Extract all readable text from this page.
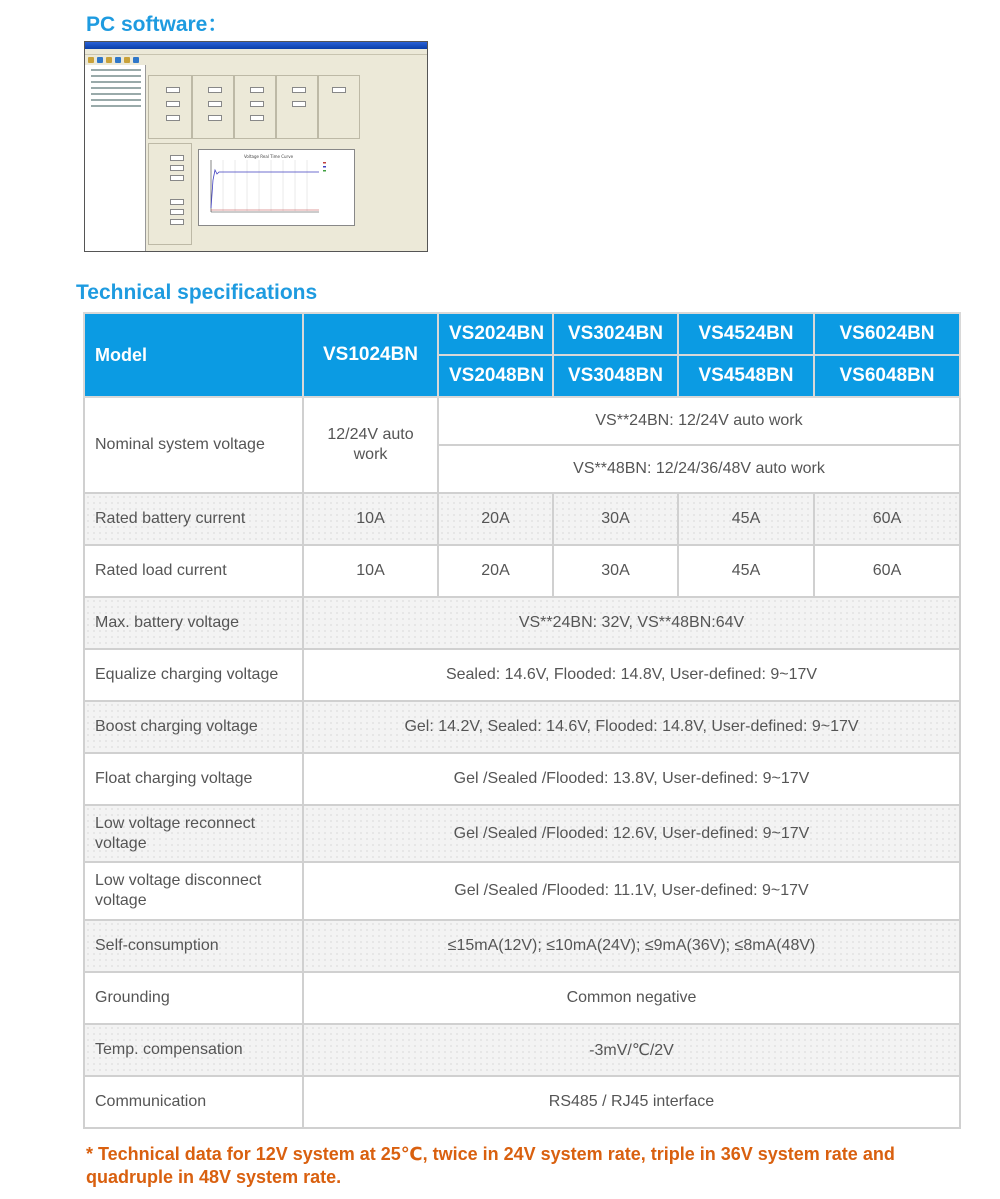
PC software：
Voltage Real Time Curve
Technical specifications
Model	VS1024BN	VS2024BN	VS3024BN	VS4524BN	VS6024BN
		VS2048BN	VS3048BN	VS4548BN	VS6048BN
Nominal system voltage	12/24V auto work	VS**24BN: 12/24V auto work			
		VS**48BN: 12/24/36/48V auto work			
Rated battery current	10A	20A	30A	45A	60A
Rated load current	10A	20A	30A	45A	60A
Max. battery voltage	VS**24BN: 32V, VS**48BN:64V				
Equalize charging voltage	Sealed: 14.6V, Flooded: 14.8V, User-defined: 9~17V				
Boost charging voltage	Gel: 14.2V, Sealed: 14.6V, Flooded: 14.8V, User-defined: 9~17V				
Float charging voltage	Gel /Sealed /Flooded: 13.8V, User-defined: 9~17V				
Low voltage reconnect voltage	Gel /Sealed /Flooded: 12.6V, User-defined: 9~17V				
Low voltage disconnect voltage	Gel /Sealed /Flooded: 11.1V, User-defined: 9~17V				
Self-consumption	≤15mA(12V); ≤10mA(24V); ≤9mA(36V); ≤8mA(48V)				
Grounding	Common negative				
Temp. compensation	-3mV/℃/2V				
Communication	RS485 / RJ45 interface				
* Technical data for 12V system at 25℃, twice in 24V system rate, triple in 36V system rate and quadruple in 48V system rate.
